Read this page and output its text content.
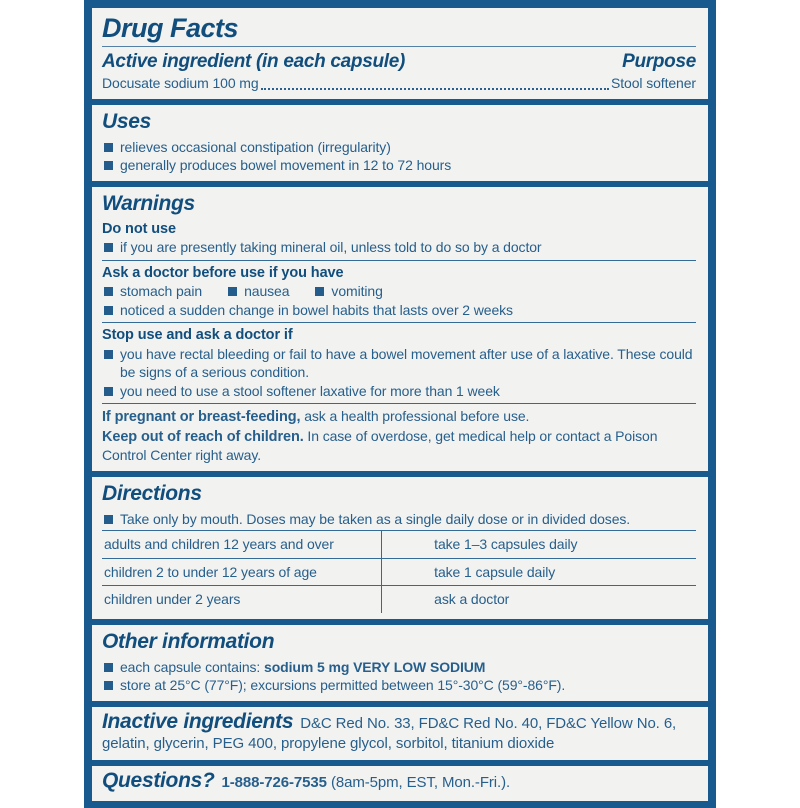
Drug Facts
Active ingredient (in each capsule)	Purpose
Docusate sodium 100 mg	Stool softener
Uses
relieves occasional constipation (irregularity)
generally produces bowel movement in 12 to 72 hours
Warnings

Do not use

if you are presently taking mineral oil, unless told to do so by a doctor

Ask a doctor before use if you have

stomach pain	nausea	vomiting
noticed a sudden change in bowel habits that lasts over 2 weeks

Stop use and ask a doctor if

you have rectal bleeding or fail to have a bowel movement after use of a laxative. These could be signs of a serious condition.
you need to use a stool softener laxative for more than 1 week

If pregnant or breast-feeding, ask a health professional before use.

Keep out of reach of children. In case of overdose, get medical help or contact a Poison Control Center right away.

Directions
Take only by mouth. Doses may be taken as a single daily dose or in divided doses.
adults and children 12 years and over	take 1–3 capsules daily
children 2 to under 12 years of age	take 1 capsule daily
children under 2 years	ask a doctor
Other information
each capsule contains: sodium 5 mg VERY LOW SODIUM
store at 25°C (77°F); excursions permitted between 15°-30°C (59°-86°F).

Inactive ingredients D&C Red No. 33, FD&C Red No. 40, FD&C Yellow No. 6, gelatin, glycerin, PEG 400, propylene glycol, sorbitol, titanium dioxide

Questions? 1-888-726-7535 (8am-5pm, EST, Mon.-Fri.).
